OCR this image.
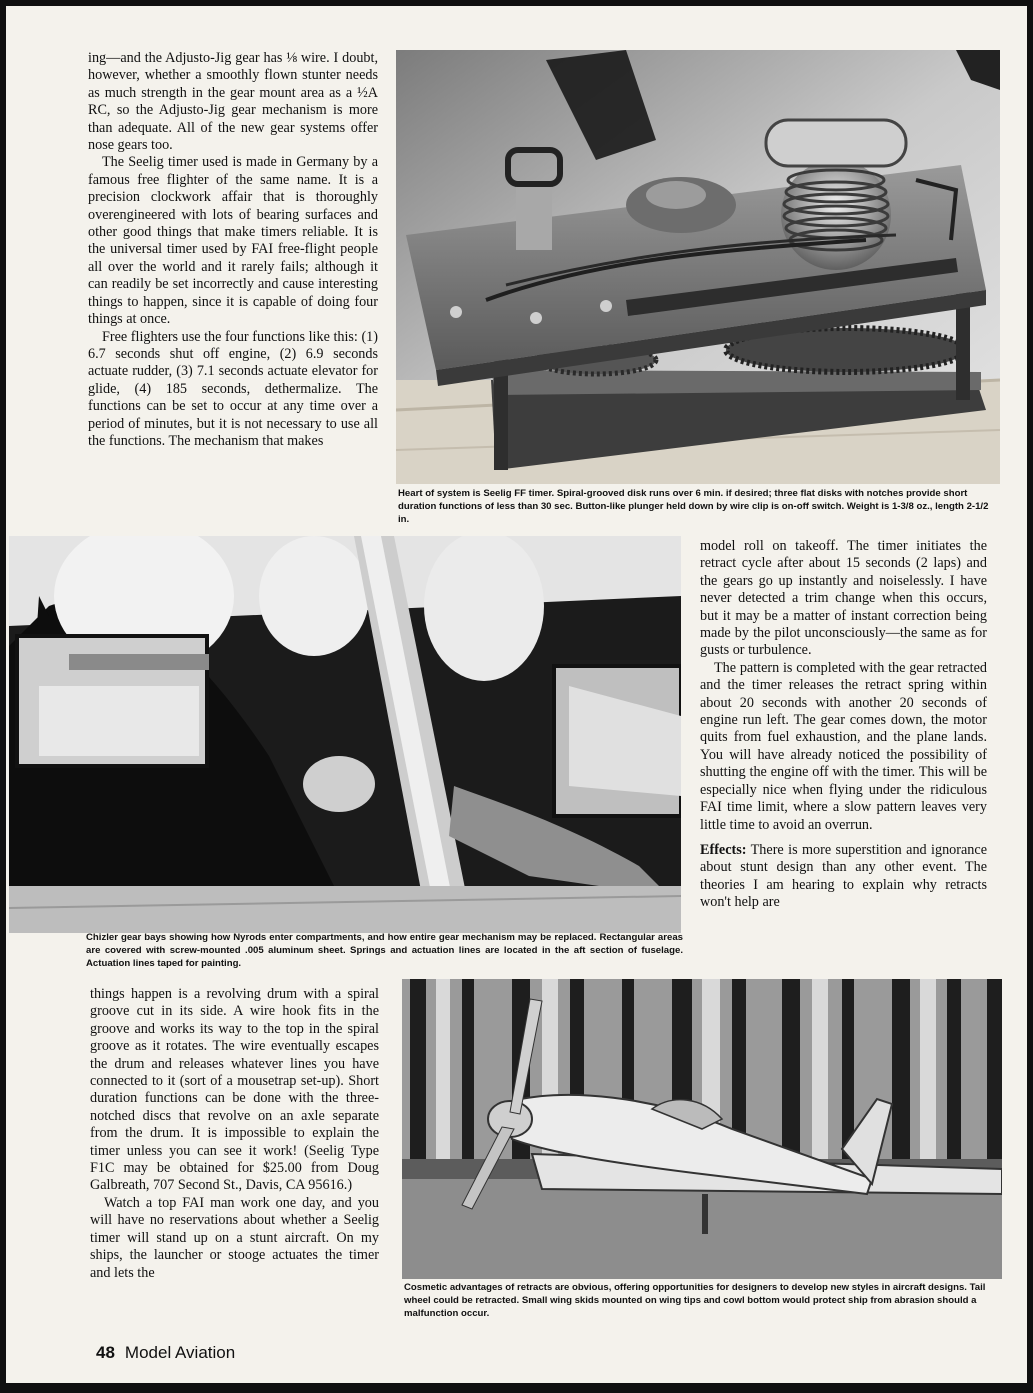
ing—and the Adjusto-Jig gear has ⅛ wire. I doubt, however, whether a smoothly flown stunter needs as much strength in the gear mount area as a ½A RC, so the Adjusto-Jig gear mechanism is more than adequate. All of the new gear systems offer nose gears too.

The Seelig timer used is made in Germany by a famous free flighter of the same name. It is a precision clockwork affair that is thoroughly overengineered with lots of bearing surfaces and other good things that make timers reliable. It is the universal timer used by FAI free-flight people all over the world and it rarely fails; although it can readily be set incorrectly and cause interesting things to happen, since it is capable of doing four things at once.

Free flighters use the four functions like this: (1) 6.7 seconds shut off engine, (2) 6.9 seconds actuate rudder, (3) 7.1 seconds actuate elevator for glide, (4) 185 seconds, dethermalize. The functions can be set to occur at any time over a period of minutes, but it is not necessary to use all the functions. The mechanism that makes

Heart of system is Seelig FF timer. Spiral-grooved disk runs over 6 min. if desired; three flat disks with notches provide short duration functions of less than 30 sec. Button-like plunger held down by wire clip is on-off switch. Weight is 1-3/8 oz., length 2-1/2 in.

Chizler gear bays showing how Nyrods enter compartments, and how entire gear mechanism may be replaced. Rectangular areas are covered with screw-mounted .005 aluminum sheet. Springs and actuation lines are located in the aft section of fuselage. Actuation lines taped for painting.

model roll on takeoff. The timer initiates the retract cycle after about 15 seconds (2 laps) and the gears go up instantly and noiselessly. I have never detected a trim change when this occurs, but it may be a matter of instant correction being made by the pilot unconsciously—the same as for gusts or turbulence.

The pattern is completed with the gear retracted and the timer releases the retract spring within about 20 seconds with another 20 seconds of engine run left. The gear comes down, the motor quits from fuel exhaustion, and the plane lands. You will have already noticed the possibility of shutting the engine off with the timer. This will be especially nice when flying under the ridiculous FAI time limit, where a slow pattern leaves very little time to avoid an overrun.

Effects: There is more superstition and ignorance about stunt design than any other event. The theories I am hearing to explain why retracts won't help are

things happen is a revolving drum with a spiral groove cut in its side. A wire hook fits in the groove and works its way to the top in the spiral groove as it rotates. The wire eventually escapes the drum and releases whatever lines you have connected to it (sort of a mousetrap set-up). Short duration functions can be done with the three-notched discs that revolve on an axle separate from the drum. It is impossible to explain the timer unless you can see it work! (Seelig Type F1C may be obtained for $25.00 from Doug Galbreath, 707 Second St., Davis, CA 95616.)

Watch a top FAI man work one day, and you will have no reservations about whether a Seelig timer will stand up on a stunt aircraft. On my ships, the launcher or stooge actuates the timer and lets the

Cosmetic advantages of retracts are obvious, offering opportunities for designers to develop new styles in aircraft designs. Tail wheel could be retracted. Small wing skids mounted on wing tips and cowl bottom would protect ship from abrasion should a malfunction occur.

48 Model Aviation
